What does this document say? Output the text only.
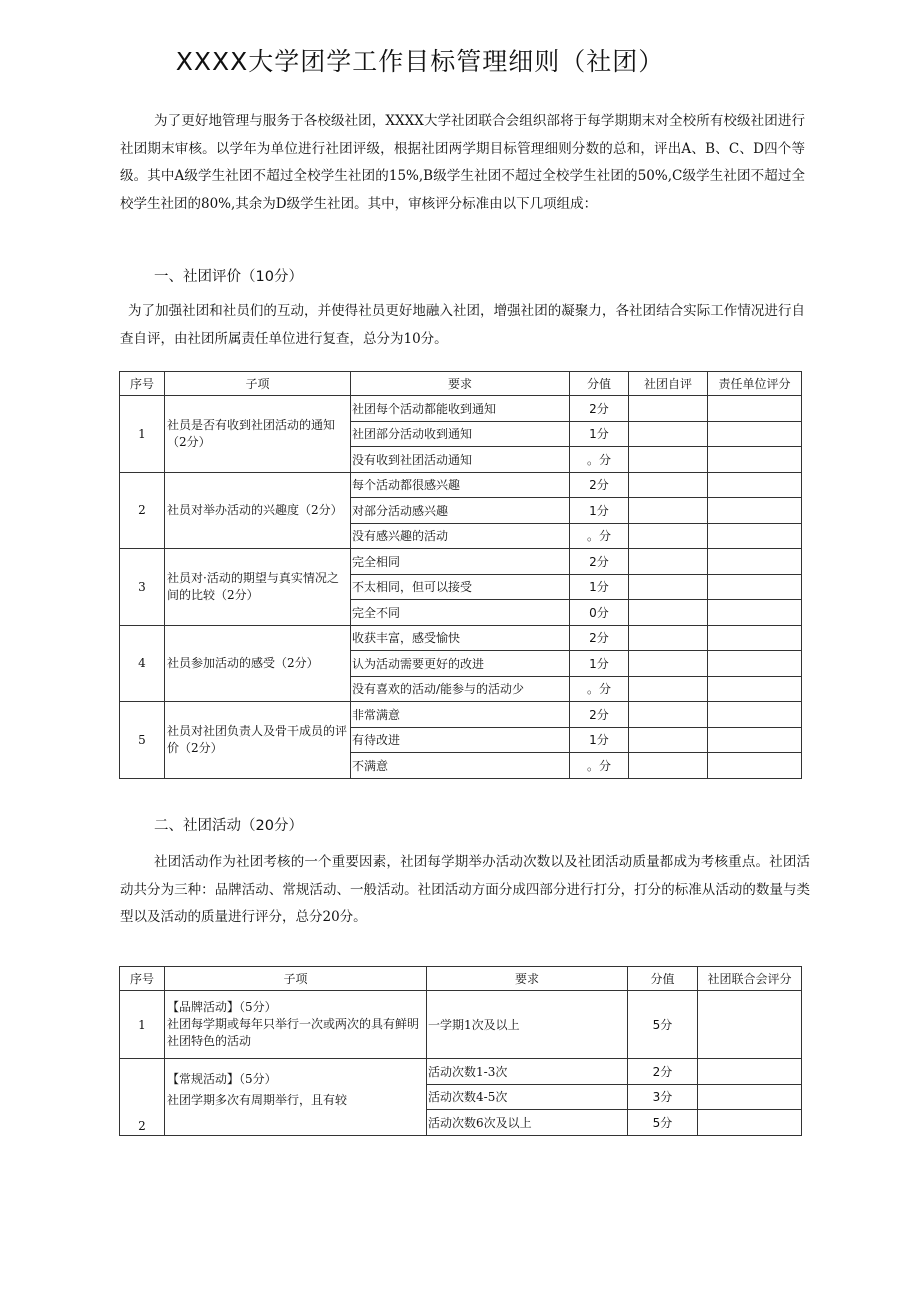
XXXX大学团学工作目标管理细则（社团）

为了更好地管理与服务于各校级社团，XXXX大学社团联合会组织部将于每学期期末对全校所有校级社团进行社团期末审核。以学年为单位进行社团评级，根据社团两学期目标管理细则分数的总和，评出A、B、C、D四个等级。其中A级学生社团不超过全校学生社团的15%,B级学生社团不超过全校学生社团的50%,C级学生社团不超过全校学生社团的80%,其余为D级学生社团。其中，审核评分标准由以下几项组成：

一、社团评价（10分）

为了加强社团和社员们的互动，并使得社员更好地融入社团，增强社团的凝聚力，各社团结合实际工作情况进行自查自评，由社团所属责任单位进行复查，总分为10分。

序号	子项	要求	分值	社团自评	责任单位评分
1	社员是否有收到社团活动的通知（2分）	社团每个活动都能收到通知	2分		
		社团部分活动收到通知	1分		
		没有收到社团活动通知	。分		
2	社员对举办活动的兴趣度（2分）	每个活动都很感兴趣	2分		
		对部分活动感兴趣	1分		
		没有感兴趣的活动	。分		
3	社员对·活动的期望与真实情况之间的比较（2分）	完全相同	2分		
		不太相同，但可以接受	1分		
		完全不同	0分		
4	社员参加活动的感受（2分）	收获丰富，感受愉快	2分		
		认为活动需要更好的改进	1分		
		没有喜欢的活动/能参与的活动少	。分		
5	社员对社团负责人及骨干成员的评价（2分）	非常满意	2分		
		有待改进	1分		
		不满意	。分		
二、社团活动（20分）

社团活动作为社团考核的一个重要因素，社团每学期举办活动次数以及社团活动质量都成为考核重点。社团活动共分为三种：品牌活动、常规活动、一般活动。社团活动方面分成四部分进行打分，打分的标准从活动的数量与类型以及活动的质量进行评分，总分20分。

序号	子项	要求	分值	社团联合会评分
1	【品牌活动】（5分）
社团每学期或每年只举行一次或两次的具有鲜明社团特色的活动	一学期1次及以上	5分	
2	【常规活动】（5分）
社团学期多次有周期举行，且有较	活动次数1-3次	2分	
		活动次数4-5次	3分	
		活动次数6次及以上	5分	
